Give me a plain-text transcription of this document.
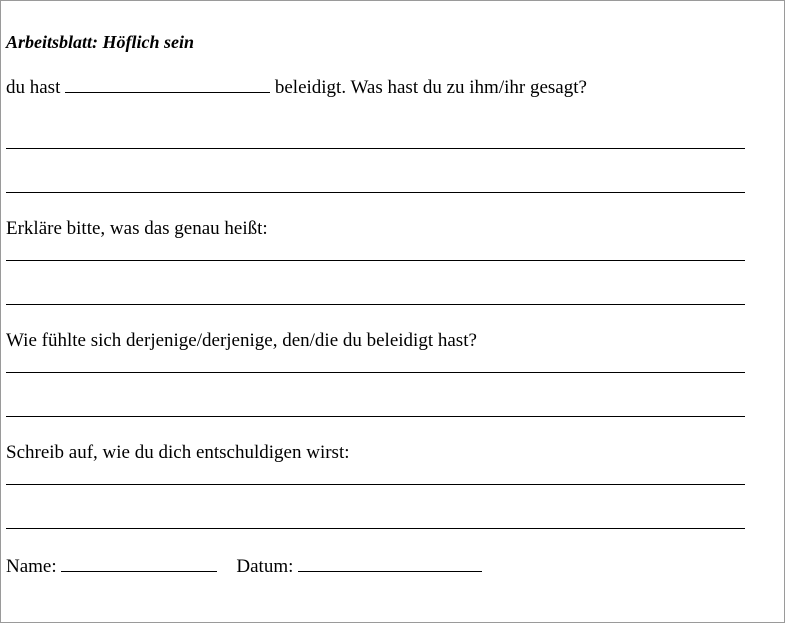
Arbeitsblatt: Höflich sein
du hast	beleidigt. Was hast du zu ihm/ihr gesagt?
Erkläre bitte, was das genau heißt:
Wie fühlte sich derjenige/derjenige, den/die du beleidigt hast?
Schreib auf, wie du dich entschuldigen wirst:
Name:	Datum:
